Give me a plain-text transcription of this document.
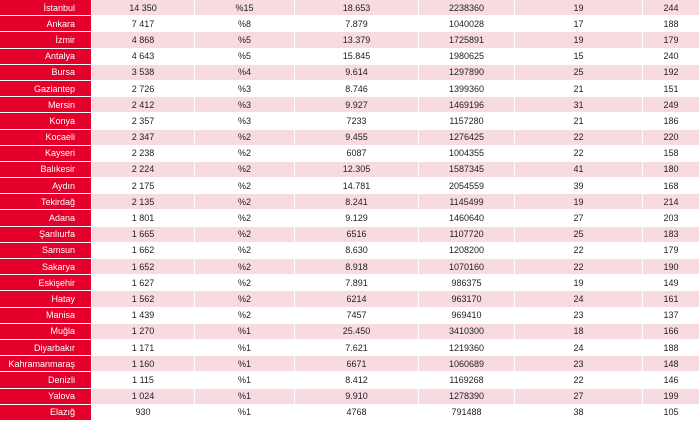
İstanbul	14 350	%15	18.653	2238360	19	244
Ankara	7 417	%8	7.879	1040028	17	188
İzmir	4 868	%5	13.379	1725891	19	179
Antalya	4 643	%5	15.845	1980625	15	240
Bursa	3 538	%4	9.614	1297890	25	192
Gaziantep	2 726	%3	8.746	1399360	21	151
Mersin	2 412	%3	9.927	1469196	31	249
Konya	2 357	%3	7233	1157280	21	186
Kocaeli	2 347	%2	9.455	1276425	22	220
Kayseri	2 238	%2	6087	1004355	22	158
Balıkesir	2 224	%2	12.305	1587345	41	180
Aydın	2 175	%2	14.781	2054559	39	168
Tekirdağ	2 135	%2	8.241	1145499	19	214
Adana	1 801	%2	9.129	1460640	27	203
Şanlıurfa	1 665	%2	6516	1107720	25	183
Samsun	1 662	%2	8.630	1208200	22	179
Sakarya	1 652	%2	8.918	1070160	22	190
Eskişehir	1 627	%2	7.891	986375	19	149
Hatay	1 562	%2	6214	963170	24	161
Manisa	1 439	%2	7457	969410	23	137
Muğla	1 270	%1	25.450	3410300	18	166
Diyarbakır	1 171	%1	7.621	1219360	24	188
Kahramanmaraş	1 160	%1	6671	1060689	23	148
Denizli	1 115	%1	8.412	1169268	22	146
Yalova	1 024	%1	9.910	1278390	27	199
Elazığ	930	%1	4768	791488	38	105
